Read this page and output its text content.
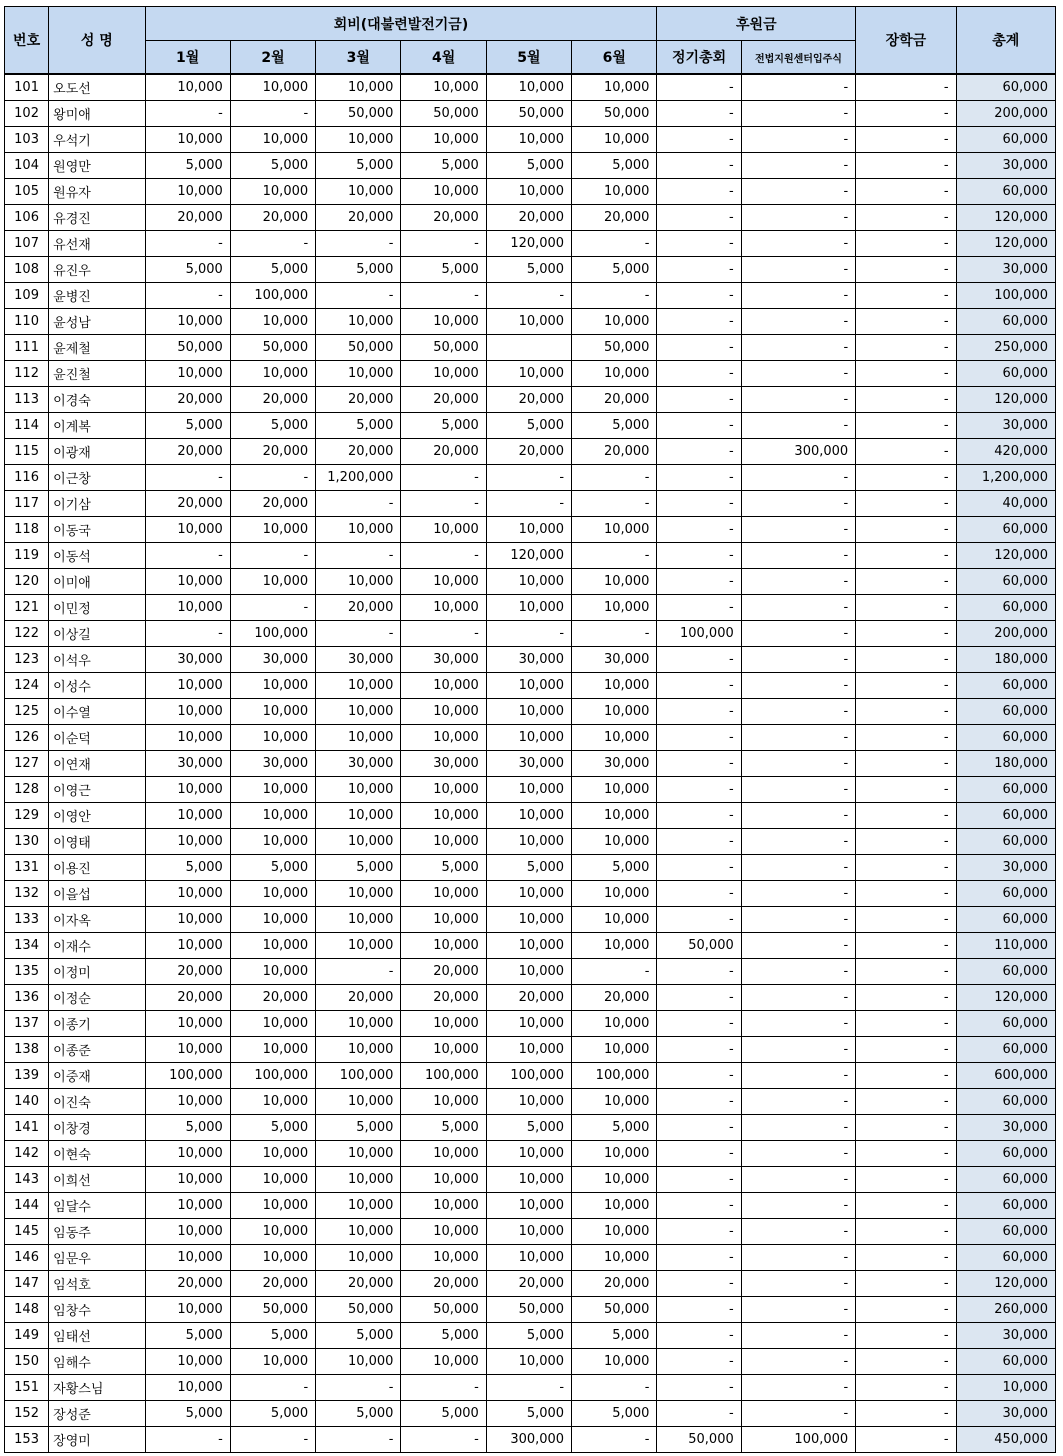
번호	성 명	회비(대불련발전기금)						후원금		장학금	총계
		1월	2월	3월	4월	5월	6월	정기총회	전법지원센터입주식		
101	오도선	10,000	10,000	10,000	10,000	10,000	10,000	-	-	-	60,000
102	왕미애	-	-	50,000	50,000	50,000	50,000	-	-	-	200,000
103	우석기	10,000	10,000	10,000	10,000	10,000	10,000	-	-	-	60,000
104	원영만	5,000	5,000	5,000	5,000	5,000	5,000	-	-	-	30,000
105	원유자	10,000	10,000	10,000	10,000	10,000	10,000	-	-	-	60,000
106	유경진	20,000	20,000	20,000	20,000	20,000	20,000	-	-	-	120,000
107	유선재	-	-	-	-	120,000	-	-	-	-	120,000
108	유진우	5,000	5,000	5,000	5,000	5,000	5,000	-	-	-	30,000
109	윤병진	-	100,000	-	-	-	-	-	-	-	100,000
110	윤성남	10,000	10,000	10,000	10,000	10,000	10,000	-	-	-	60,000
111	윤제철	50,000	50,000	50,000	50,000		50,000	-	-	-	250,000
112	윤진철	10,000	10,000	10,000	10,000	10,000	10,000	-	-	-	60,000
113	이경숙	20,000	20,000	20,000	20,000	20,000	20,000	-	-	-	120,000
114	이계복	5,000	5,000	5,000	5,000	5,000	5,000	-	-	-	30,000
115	이광재	20,000	20,000	20,000	20,000	20,000	20,000	-	300,000	-	420,000
116	이근창	-	-	1,200,000	-	-	-	-	-	-	1,200,000
117	이기삼	20,000	20,000	-	-	-	-	-	-	-	40,000
118	이동국	10,000	10,000	10,000	10,000	10,000	10,000	-	-	-	60,000
119	이동석	-	-	-	-	120,000	-	-	-	-	120,000
120	이미애	10,000	10,000	10,000	10,000	10,000	10,000	-	-	-	60,000
121	이민정	10,000	-	20,000	10,000	10,000	10,000	-	-	-	60,000
122	이상길	-	100,000	-	-	-	-	100,000	-	-	200,000
123	이석우	30,000	30,000	30,000	30,000	30,000	30,000	-	-	-	180,000
124	이성수	10,000	10,000	10,000	10,000	10,000	10,000	-	-	-	60,000
125	이수열	10,000	10,000	10,000	10,000	10,000	10,000	-	-	-	60,000
126	이순덕	10,000	10,000	10,000	10,000	10,000	10,000	-	-	-	60,000
127	이연재	30,000	30,000	30,000	30,000	30,000	30,000	-	-	-	180,000
128	이영근	10,000	10,000	10,000	10,000	10,000	10,000	-	-	-	60,000
129	이영안	10,000	10,000	10,000	10,000	10,000	10,000	-	-	-	60,000
130	이영태	10,000	10,000	10,000	10,000	10,000	10,000	-	-	-	60,000
131	이용진	5,000	5,000	5,000	5,000	5,000	5,000	-	-	-	30,000
132	이을섭	10,000	10,000	10,000	10,000	10,000	10,000	-	-	-	60,000
133	이자옥	10,000	10,000	10,000	10,000	10,000	10,000	-	-	-	60,000
134	이재수	10,000	10,000	10,000	10,000	10,000	10,000	50,000	-	-	110,000
135	이정미	20,000	10,000	-	20,000	10,000	-	-	-	-	60,000
136	이정순	20,000	20,000	20,000	20,000	20,000	20,000	-	-	-	120,000
137	이종기	10,000	10,000	10,000	10,000	10,000	10,000	-	-	-	60,000
138	이종준	10,000	10,000	10,000	10,000	10,000	10,000	-	-	-	60,000
139	이중재	100,000	100,000	100,000	100,000	100,000	100,000	-	-	-	600,000
140	이진숙	10,000	10,000	10,000	10,000	10,000	10,000	-	-	-	60,000
141	이창경	5,000	5,000	5,000	5,000	5,000	5,000	-	-	-	30,000
142	이현숙	10,000	10,000	10,000	10,000	10,000	10,000	-	-	-	60,000
143	이희선	10,000	10,000	10,000	10,000	10,000	10,000	-	-	-	60,000
144	임달수	10,000	10,000	10,000	10,000	10,000	10,000	-	-	-	60,000
145	임동주	10,000	10,000	10,000	10,000	10,000	10,000	-	-	-	60,000
146	임문우	10,000	10,000	10,000	10,000	10,000	10,000	-	-	-	60,000
147	임석호	20,000	20,000	20,000	20,000	20,000	20,000	-	-	-	120,000
148	임창수	10,000	50,000	50,000	50,000	50,000	50,000	-	-	-	260,000
149	임태선	5,000	5,000	5,000	5,000	5,000	5,000	-	-	-	30,000
150	임해수	10,000	10,000	10,000	10,000	10,000	10,000	-	-	-	60,000
151	자황스님	10,000	-	-	-	-	-	-	-	-	10,000
152	장성준	5,000	5,000	5,000	5,000	5,000	5,000	-	-	-	30,000
153	장영미	-	-	-	-	300,000	-	50,000	100,000	-	450,000
